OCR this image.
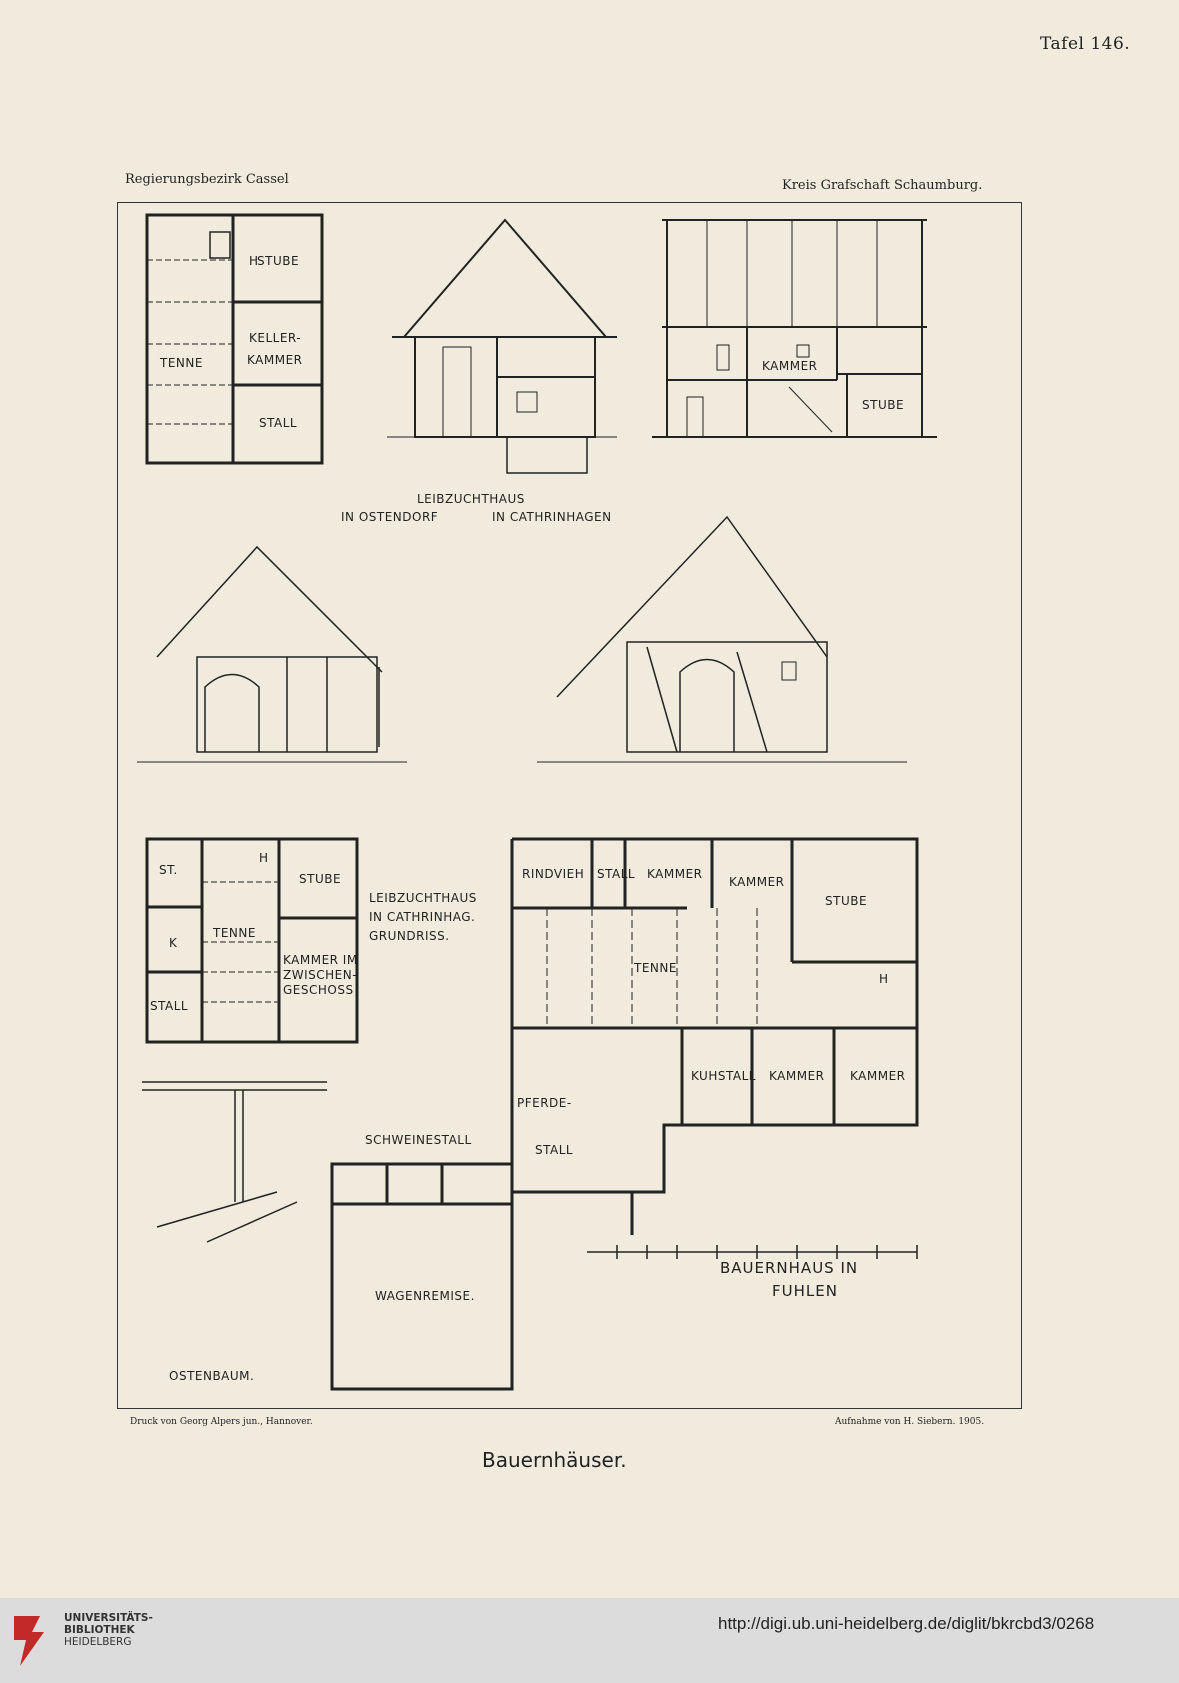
Tafel 146.
Regierungsbezirk Cassel	Kreis Grafschaft Schaumburg.
H
STUBE
KELLER-
TENNE	KAMMER
STALL
KAMMER
STUBE
LEIBZUCHTHAUS
IN OSTENDORF	IN CATHRINHAGEN
ST.
H
STUBE
K
TENNE
KAMMER IM
ZWISCHEN-
GESCHOSS
STALL
LEIBZUCHTHAUS
IN CATHRINHAG.
GRUNDRISS.
RINDVIEH STALL KAMMER
KAMMER
STUBE
TENNE
H
KUHSTALL KAMMER KAMMER
PFERDE-
STALL
SCHWEINESTALL
WAGENREMISE.
OSTENBAUM.
BAUERNHAUS IN
FUHLEN
Druck von Georg Alpers jun., Hannover.	Aufnahme von H. Siebern. 1905.
Bauernhäuser.
UNIVERSITÄTS-
BIBLIOTHEK
HEIDELBERG
http://digi.ub.uni-heidelberg.de/diglit/bkrcbd3/0268
